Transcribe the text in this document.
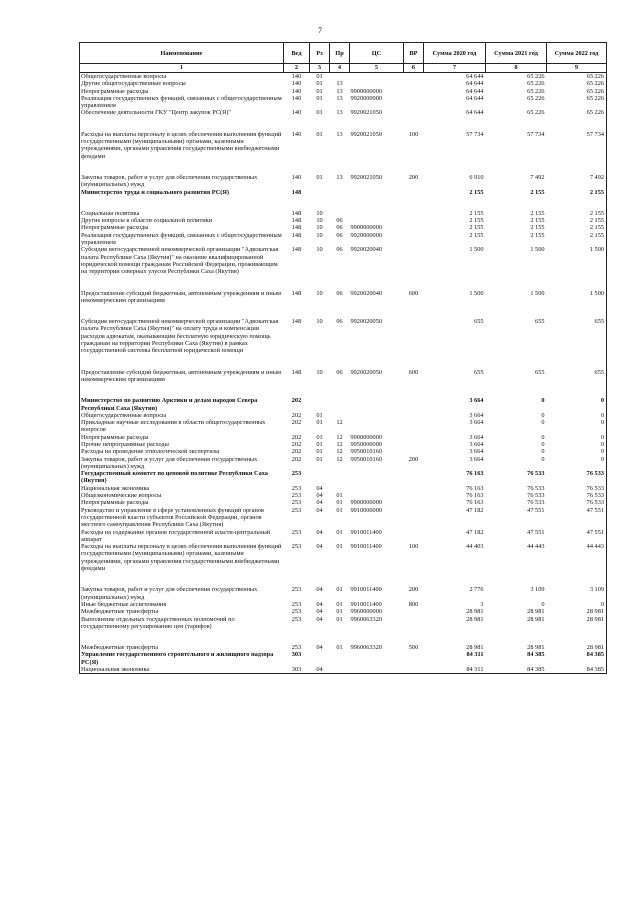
7
Наименование	Вед	Рз	Пр	ЦС	ВР	Сумма 2020 год	Сумма 2021 год	Сумма 2022 год
1	2	3	4	5	6	7	8	9
Общегосударственные вопросы	140	01				64 644	65 226	65 226
Другие общегосударственные вопросы	140	01	13			64 644	65 226	65 226
Непрограммные расходы	140	01	13	9900000000		64 644	65 226	65 226
Реализация государственных функций, связанных с общегосударственным управлением	140	01	13	9920000000		64 644	65 226	65 226
Обеспечение деятельности ГКУ "Центр закупок РС(Я)"	140	01	13	9920021050		64 644	65 226	65 226

Расходы на выплаты персоналу в целях обеспечения выполнения функций государственными (муниципальными) органами, казенными учреждениями, органами управления государственными внебюджетными фондами	140	01	13	9920021050	100	57 734	57 734	57 734

Закупка товаров, работ и услуг для обеспечения государственных (муниципальных) нужд	140	01	13	9920021050	200	6 910	7 492	7 492
Министерство труда и социального развития РС(Я)	148					2 155	2 155	2 155

Социальная политика	148	10				2 155	2 155	2 155
Другие вопросы в области социальной политики	148	10	06			2 155	2 155	2 155
Непрограммные расходы	148	10	06	9900000000		2 155	2 155	2 155
Реализация государственных функций, связанных с общегосударственным управлением	148	10	06	9920000000		2 155	2 155	2 155
Субсидия негосударственной некоммерческой организации "Адвокатская палата Республики Саха (Якутия)" на оказание квалифицированной юридической помощи гражданам Российской Федерации, проживающим на территории северных улусов Республики Саха (Якутия)	148	10	06	9920020040		1 500	1 500	1 500

Предоставление субсидий бюджетным, автономным учреждениям и иным некоммерческим организациям	148	10	06	9920020040	600	1 500	1 500	1 500

Субсидия негосударственной некоммерческой организации "Адвокатская палата Республики Саха (Якутия)" на оплату труда и компенсации расходов адвокатам, оказывающим бесплатную юридическую помощь гражданам на территории Республики Саха (Якутия) в рамках государственной системы бесплатной юридической помощи	148	10	06	9920020050		655	655	655

Предоставление субсидий бюджетным, автономным учреждениям и иным некоммерческим организациям	148	10	06	9920020050	600	655	655	655

Министерство по развитию Арктики и делам народов Севера Республики Саха (Якутия)	202					3 664	0	0
Общегосударственные вопросы	202	01				3 664	0	0
Прикладные научные исследования в области общегосударственных вопросов	202	01	12			3 664	0	0
Непрограммные расходы	202	01	12	9900000000		3 664	0	0
Прочие непрограммные расходы	202	01	12	9950000000		3 664	0	0
Расходы на проведение этнологической экспертизы	202	01	12	9950010160		3 664	0	0
Закупка товаров, работ и услуг для обеспечения государственных (муниципальных) нужд	202	01	12	9950010160	200	3 664	0	0
Государственный комитет по ценовой политике Республики Саха (Якутия)	253					76 163	76 533	76 533
Национальная экономика	253	04				76 163	76 533	76 533
Общеэкономические вопросы	253	04	01			76 163	76 533	76 533
Непрограммные расходы	253	04	01	9900000000		76 163	76 533	76 533
Руководство и управление в сфере установленных функций органов государственной власти субъектов Российской Федерации, органов местного самоуправления Республики Саха (Якутия)	253	04	01	9910000000		47 182	47 551	47 551
Расходы на содержание органов государственной власти-центральный аппарат	253	04	01	9910011400		47 182	47 551	47 551
Расходы на выплаты персоналу в целях обеспечения выполнения функций государственными (муниципальными) органами, казенными учреждениями, органами управления государственными внебюджетными фондами	253	04	01	9910011400	100	44 403	44 443	44 443

Закупка товаров, работ и услуг для обеспечения государственных (муниципальных) нужд	253	04	01	9910011400	200	2 776	3 109	3 109
Иные бюджетные ассигнования	253	04	01	9910011400	800	3	0	0
Межбюджетные трансферты	253	04	01	9960000000		28 981	28 981	28 981
Выполнение отдельных государственных полномочий по государственному регулированию цен (тарифов)	253	04	01	9960063320		28 981	28 981	28 981

Межбюджетные трансферты	253	04	01	9960063320	500	28 981	28 981	28 981
Управление государственного строительного и жилищного надзора РС(Я)	303					84 311	84 385	84 385
Национальная экономика	303	04				84 311	84 385	84 385
